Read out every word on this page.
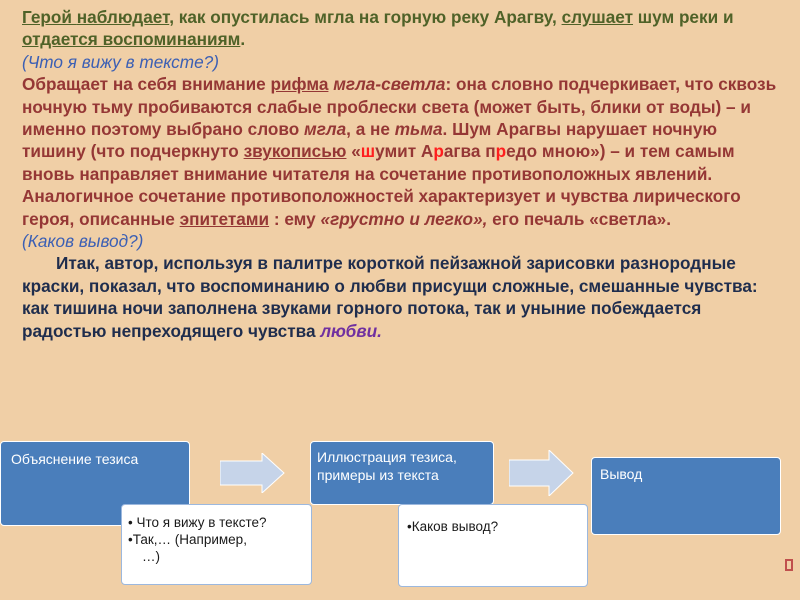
Герой наблюдает, как опустилась мгла на горную реку Арагву, слушает шум реки и отдается воспоминаниям.

(Что я вижу в тексте?)

Обращает на себя внимание рифма мгла-светла: она словно подчеркивает, что сквозь ночную тьму пробиваются слабые проблески света (может быть, блики от воды) – и именно поэтому выбрано слово мгла, а не тьма. Шум Арагвы нарушает ночную тишину (что подчеркнуто звукописью «шумит Арагва предо мною») – и тем самым вновь направляет внимание читателя на сочетание противоположных явлений. Аналогичное сочетание противоположностей характеризует и чувства лирического героя, описанные эпитетами : ему «грустно и легко», его печаль «светла».

(Каков вывод?)

Итак, автор, используя в палитре короткой пейзажной зарисовки разнородные краски, показал, что воспоминанию о любви присущи сложные, смешанные чувства: как тишина ночи заполнена звуками горного потока, так и уныние побеждается радостью непреходящего чувства любви.

Объяснение тезиса	Иллюстрация тезиса, примеры из текста	Вывод

• Что я вижу в тексте?

•Так,… (Например,

…)

•Каков вывод?
